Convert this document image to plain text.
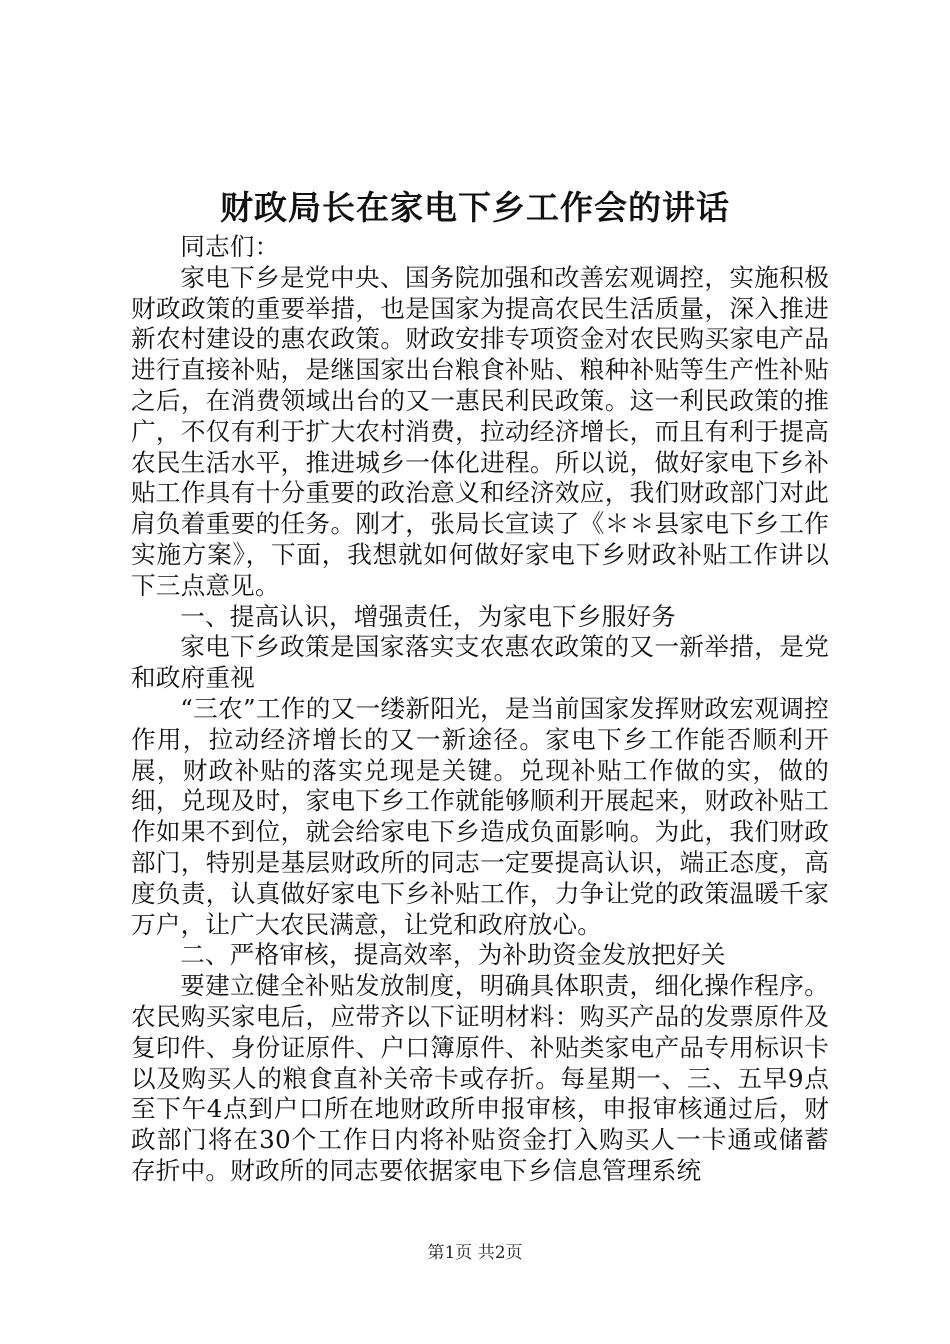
财政局长在家电下乡工作会的讲话

同志们：

家电下乡是党中央、国务院加强和改善宏观调控，实施积极财政政策的重要举措，也是国家为提高农民生活质量，深入推进新农村建设的惠农政策。财政安排专项资金对农民购买家电产品进行直接补贴，是继国家出台粮食补贴、粮种补贴等生产性补贴之后，在消费领域出台的又一惠民利民政策。这一利民政策的推广，不仅有利于扩大农村消费，拉动经济增长，而且有利于提高农民生活水平，推进城乡一体化进程。所以说，做好家电下乡补贴工作具有十分重要的政治意义和经济效应，我们财政部门对此肩负着重要的任务。刚才，张局长宣读了《＊＊县家电下乡工作实施方案》，下面，我想就如何做好家电下乡财政补贴工作讲以下三点意见。

一、提高认识，增强责任，为家电下乡服好务

家电下乡政策是国家落实支农惠农政策的又一新举措，是党和政府重视

“三农”工作的又一缕新阳光，是当前国家发挥财政宏观调控作用，拉动经济增长的又一新途径。家电下乡工作能否顺利开展，财政补贴的落实兑现是关键。兑现补贴工作做的实，做的细，兑现及时，家电下乡工作就能够顺利开展起来，财政补贴工作如果不到位，就会给家电下乡造成负面影响。为此，我们财政部门，特别是基层财政所的同志一定要提高认识，端正态度，高度负责，认真做好家电下乡补贴工作，力争让党的政策温暖千家万户，让广大农民满意，让党和政府放心。

二、严格审核，提高效率，为补助资金发放把好关

要建立健全补贴发放制度，明确具体职责，细化操作程序。农民购买家电后，应带齐以下证明材料：购买产品的发票原件及复印件、身份证原件、户口簿原件、补贴类家电产品专用标识卡以及购买人的粮食直补关帝卡或存折。每星期一、三、五早9点至下午4点到户口所在地财政所申报审核，申报审核通过后，财政部门将在30个工作日内将补贴资金打入购买人一卡通或储蓄存折中。财政所的同志要依据家电下乡信息管理系统

第1页 共2页
